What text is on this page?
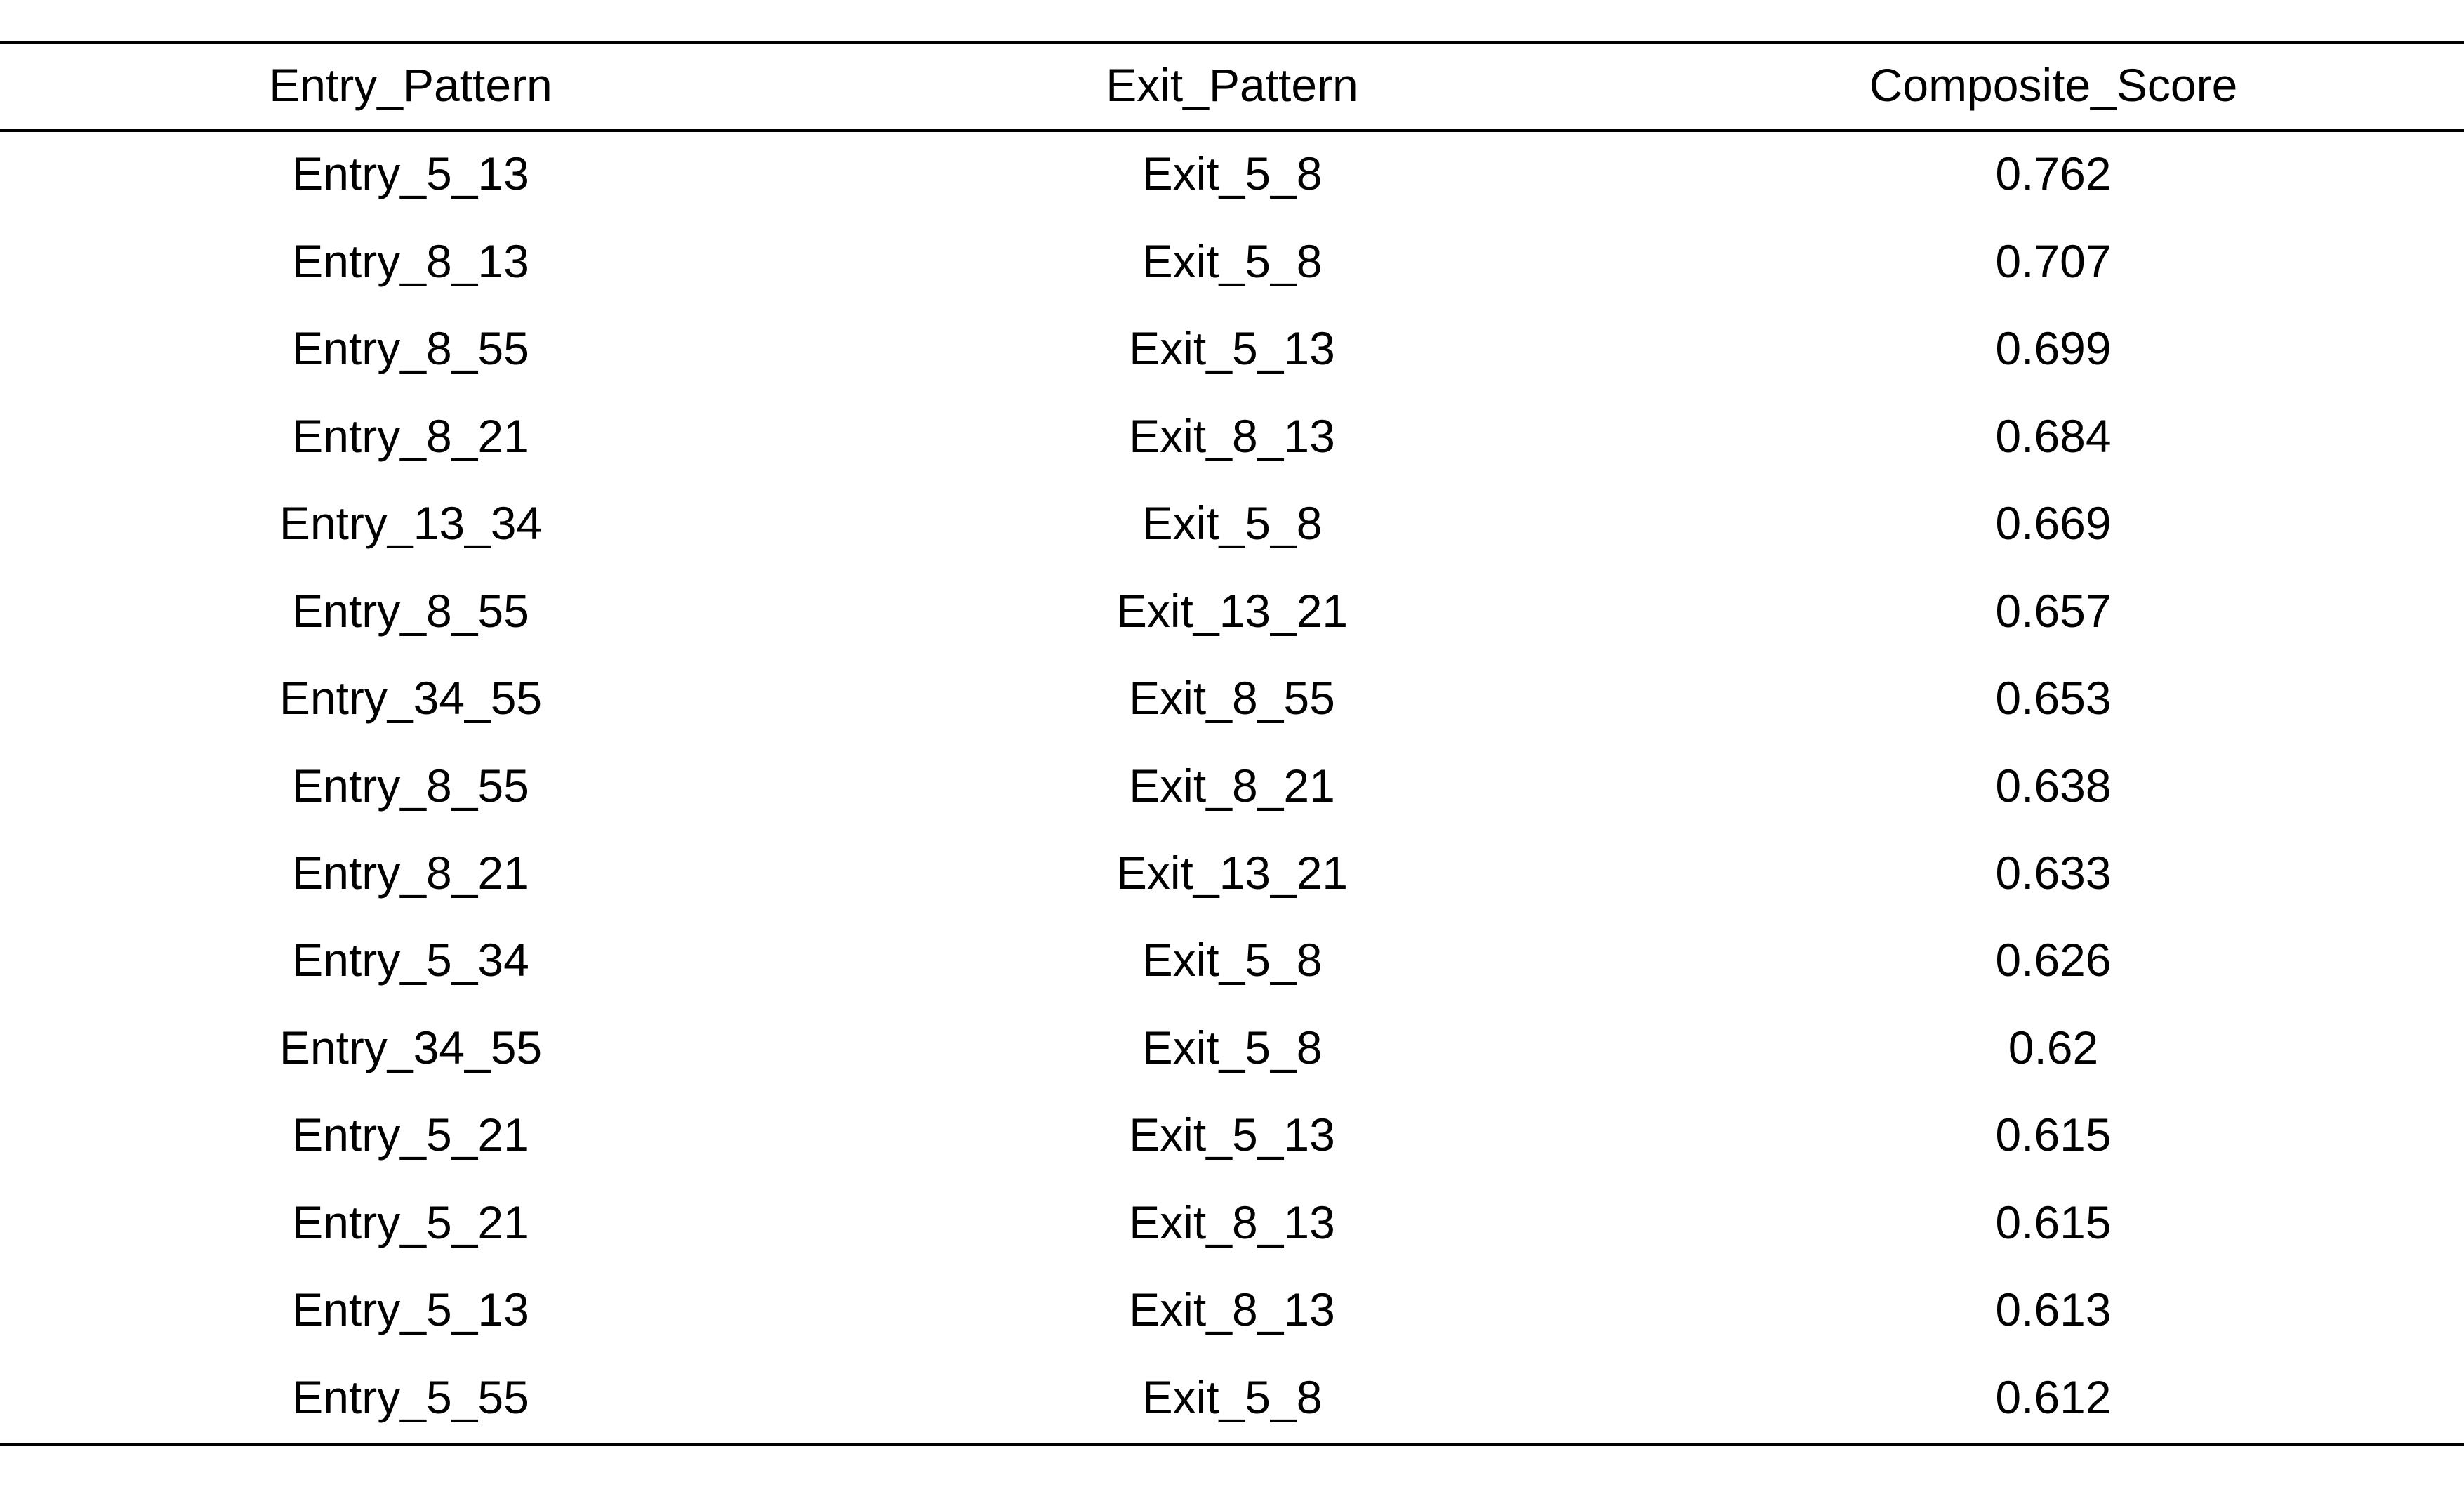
Entry_Pattern	Exit_Pattern	Composite_Score
Entry_5_13	Exit_5_8	0.762
Entry_8_13	Exit_5_8	0.707
Entry_8_55	Exit_5_13	0.699
Entry_8_21	Exit_8_13	0.684
Entry_13_34	Exit_5_8	0.669
Entry_8_55	Exit_13_21	0.657
Entry_34_55	Exit_8_55	0.653
Entry_8_55	Exit_8_21	0.638
Entry_8_21	Exit_13_21	0.633
Entry_5_34	Exit_5_8	0.626
Entry_34_55	Exit_5_8	0.62
Entry_5_21	Exit_5_13	0.615
Entry_5_21	Exit_8_13	0.615
Entry_5_13	Exit_8_13	0.613
Entry_5_55	Exit_5_8	0.612
